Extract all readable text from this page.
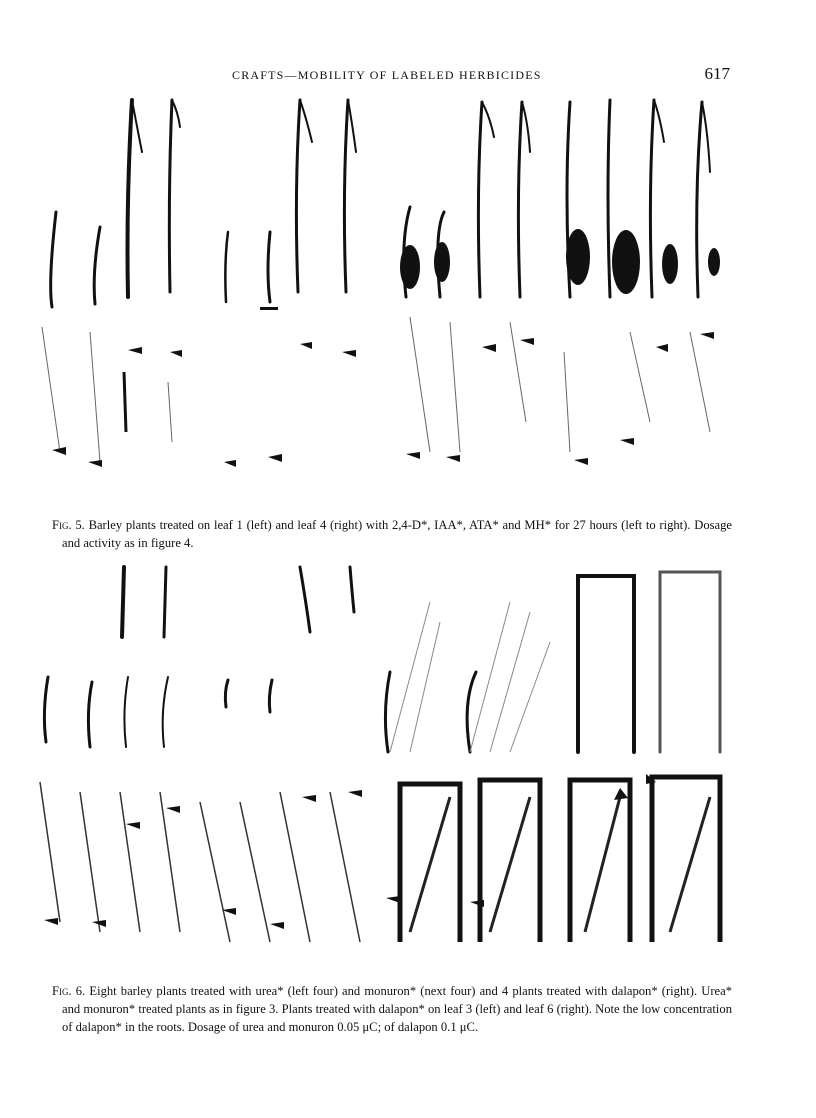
CRAFTS—MOBILITY OF LABELED HERBICIDES	617
Fig. 5. Barley plants treated on leaf 1 (left) and leaf 4 (right) with 2,4-D*, IAA*, ATA* and MH* for 27 hours (left to right). Dosage and activity as in figure 4.
Fig. 6. Eight barley plants treated with urea* (left four) and monuron* (next four) and 4 plants treated with dalapon* (right). Urea* and monuron* treated plants as in figure 3. Plants treated with dalapon* on leaf 3 (left) and leaf 6 (right). Note the low concentration of dalapon* in the roots. Dosage of urea and monuron 0.05 μC; of dalapon 0.1 μC.
